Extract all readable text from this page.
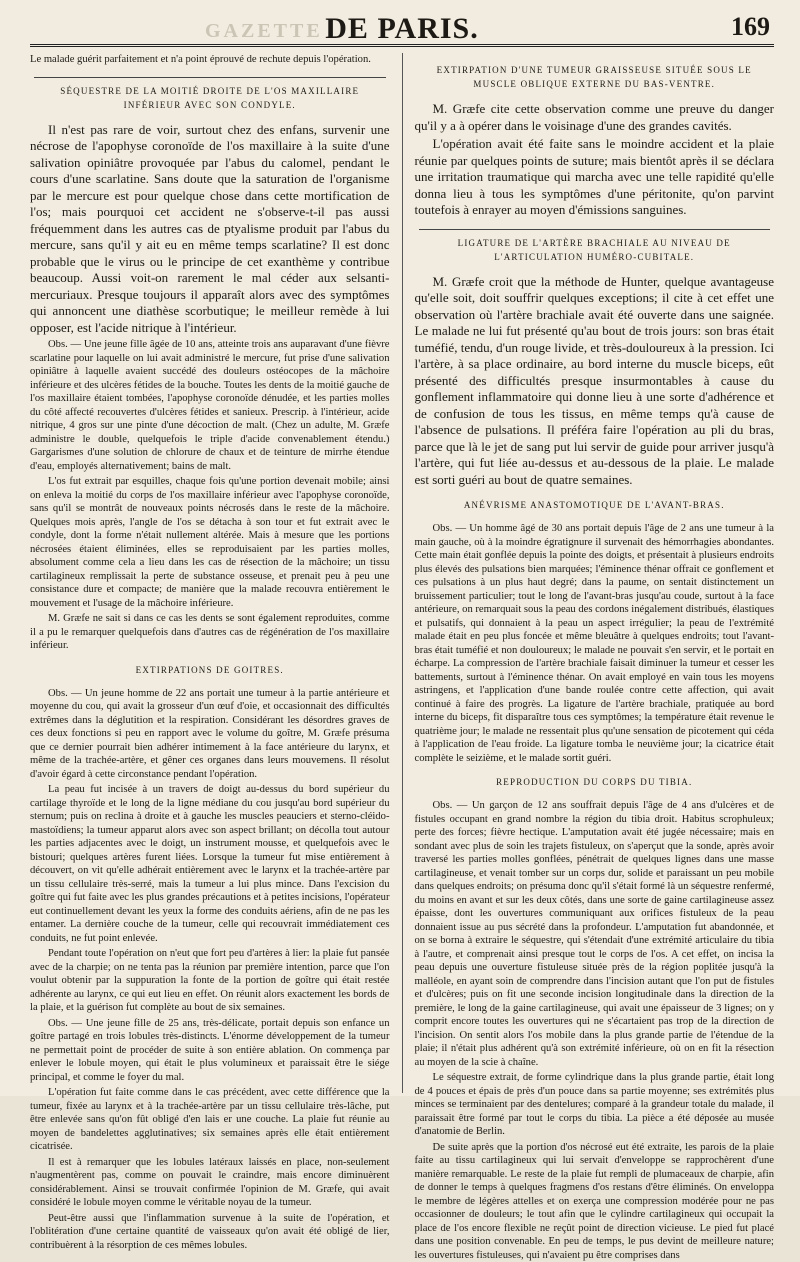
GAZETTE DE PARIS.	169

Le malade guérit parfaitement et n'a point éprouvé de rechute depuis l'opération.

SÉQUESTRE DE LA MOITIÉ DROITE DE L'OS MAXILLAIRE INFÉRIEUR AVEC SON CONDYLE.

Il n'est pas rare de voir, surtout chez des enfans, survenir une nécrose de l'apophyse coronoïde de l'os maxillaire à la suite d'une salivation opiniâtre provoquée par l'abus du calomel, pendant le cours d'une scarlatine. Sans doute que la saturation de l'organisme par le mercure est pour quelque chose dans cette mortification de l'os; mais pourquoi cet accident ne s'observe-t-il pas aussi fréquemment dans les autres cas de ptyalisme produit par l'abus du mercure, sans qu'il y ait eu en même temps scarlatine? Il est donc probable que le virus ou le principe de cet exanthème y contribue beaucoup. Aussi voit-on rarement le mal céder aux selsanti-mercuriaux. Presque toujours il apparaît alors avec des symptômes qui annoncent une diathèse scorbutique; le meilleur remède à lui opposer, est l'acide nitrique à l'intérieur.

Obs. — Une jeune fille âgée de 10 ans, atteinte trois ans auparavant d'une fièvre scarlatine pour laquelle on lui avait administré le mercure, fut prise d'une salivation opiniâtre à laquelle avaient succédé des douleurs ostéocopes de la mâchoire inférieure et des ulcères fétides de la bouche. Toutes les dents de la moitié gauche de l'os maxillaire étaient tombées, l'apophyse coronoïde dénudée, et les parties molles du côté affecté recouvertes d'ulcères fétides et sanieux. Prescrip. à l'intérieur, acide nitrique, 4 gros sur une pinte d'une décoction de malt. (Chez un adulte, M. Græfe administre le double, quelquefois le triple d'acide convenablement étendu.) Gargarismes d'une solution de chlorure de chaux et de teinture de mirrhe étendue d'eau, employés alternativement; bains de malt.

L'os fut extrait par esquilles, chaque fois qu'une portion devenait mobile; ainsi on enleva la moitié du corps de l'os maxillaire inférieur avec l'apophyse coronoïde, sans qu'il se montrât de nouveaux points nécrosés dans le reste de la mâchoire. Quelques mois après, l'angle de l'os se détacha à son tour et fut extrait avec le condyle, dont la forme n'était nullement altérée. Mais à mesure que les portions nécrosées étaient éliminées, elles se reproduisaient par les parties molles, absolument comme cela a lieu dans les cas de résection de la mâchoire; un tissu cartilagineux remplissait la perte de substance osseuse, et prenait peu à peu une consistance dure et compacte; de manière que la malade recouvra entièrement le mouvement et l'usage de la mâchoire inférieure.

M. Græfe ne sait si dans ce cas les dents se sont également reproduites, comme il a pu le remarquer quelquefois dans d'autres cas de régénération de l'os maxillaire inférieur.

EXTIRPATIONS DE GOITRES.

Obs. — Un jeune homme de 22 ans portait une tumeur à la partie antérieure et moyenne du cou, qui avait la grosseur d'un œuf d'oie, et occasionnait des difficultés extrêmes dans la déglutition et la respiration. Considérant les désordres graves de ces deux fonctions si peu en rapport avec le volume du goître, M. Græfe présuma que ce dernier pourrait bien adhérer intimement à la face antérieure du larynx, et même de la trachée-artère, et gêner ces organes dans leurs mouvemens. Il résolut d'avoir égard à cette circonstance pendant l'opération.

La peau fut incisée à un travers de doigt au-dessus du bord supérieur du cartilage thyroïde et le long de la ligne médiane du cou jusqu'au bord supérieur du sternum; puis on reclina à droite et à gauche les muscles peauciers et sterno-cléido-mastoïdiens; la tumeur apparut alors avec son aspect brillant; on décolla tout autour les parties adjacentes avec le doigt, un instrument mousse, et quelquefois avec le bistouri; quelques artères furent liées. Lorsque la tumeur fut mise entièrement à découvert, on vit qu'elle adhérait entièrement avec le larynx et la trachée-artère par un tissu cellulaire très-serré, mais la tumeur a lui plus mince. Dans l'excision du goître qui fut faite avec les plus grandes précautions et à petites incisions, l'opérateur eut continuellement devant les yeux la forme des conduits aériens, afin de ne pas les entamer. La dernière couche de la tumeur, celle qui recouvrait immédiatement ces conduits, ne fut point enlevée.

Pendant toute l'opération on n'eut que fort peu d'artères à lier: la plaie fut pansée avec de la charpie; on ne tenta pas la réunion par première intention, parce que l'on voulut obtenir par la suppuration la fonte de la portion de goître qui était restée adhérente au larynx, ce qui eut lieu en effet. On réunit alors exactement les bords de la plaie, et la guérison fut complète au bout de six semaines.

Obs. — Une jeune fille de 25 ans, très-délicate, portait depuis son enfance un goître partagé en trois lobules très-distincts. L'énorme développement de la tumeur ne permettait point de procéder de suite à son entière ablation. On commença par enlever le lobule moyen, qui était le plus volumineux et paraissait être le siége principal, et comme le foyer du mal.

L'opération fut faite comme dans le cas précédent, avec cette différence que la tumeur, fixée au larynx et à la trachée-artère par un tissu cellulaire très-lâche, put être enlevée sans qu'on fût obligé d'en lais er une couche. La plaie fut réunie au moyen de bandelettes agglutinatives; six semaines après elle était entièrement cicatrisée.

Il est à remarquer que les lobules latéraux laissés en place, non-seulement n'augmentèrent pas, comme on pouvait le craindre, mais encore diminuèrent considérablement. Ainsi se trouvait confirmée l'opinion de M. Græfe, qui avait considéré le lobule moyen comme le véritable noyau de la tumeur.

Peut-être aussi que l'inflammation survenue à la suite de l'opération, et l'oblitération d'une certaine quantité de vaisseaux qu'on avait été obligé de lier, contribuèrent à la résorption de ces mêmes lobules.

EXTIRPATION D'UNE TUMEUR GRAISSEUSE SITUÉE SOUS LE MUSCLE OBLIQUE EXTERNE DU BAS-VENTRE.

M. Græfe cite cette observation comme une preuve du danger qu'il y a à opérer dans le voisinage d'une des grandes cavités.

L'opération avait été faite sans le moindre accident et la plaie réunie par quelques points de suture; mais bientôt après il se déclara une irritation traumatique qui marcha avec une telle rapidité qu'elle donna lieu à tous les symptômes d'une péritonite, qu'on parvint toutefois à enrayer au moyen d'émissions sanguines.

LIGATURE DE L'ARTÈRE BRACHIALE AU NIVEAU DE L'ARTICULATION HUMÉRO-CUBITALE.

M. Græfe croit que la méthode de Hunter, quelque avantageuse qu'elle soit, doit souffrir quelques exceptions; il cite à cet effet une observation où l'artère brachiale avait été ouverte dans une saignée. Le malade ne lui fut présenté qu'au bout de trois jours: son bras était tuméfié, tendu, d'un rouge livide, et très-douloureux à la pression. Ici l'artère, à sa place ordinaire, au bord interne du muscle biceps, eût présenté des difficultés presque insurmontables à cause du gonflement inflammatoire qui donne lieu à une sorte d'adhérence et de confusion de tous les tissus, en même temps qu'à cause de l'absence de pulsations. Il préféra faire l'opération au pli du bras, parce que là le jet de sang put lui servir de guide pour arriver jusqu'à l'artère, qui fut liée au-dessus et au-dessous de la plaie. Le malade est sorti guéri au bout de quatre semaines.

ANÉVRISME ANASTOMOTIQUE DE L'AVANT-BRAS.

Obs. — Un homme âgé de 30 ans portait depuis l'âge de 2 ans une tumeur à la main gauche, où à la moindre égratignure il survenait des hémorrhagies abondantes. Cette main était gonflée depuis la pointe des doigts, et présentait à plusieurs endroits plus élevés des pulsations bien marquées; l'éminence thénar offrait ce gonflement et ces pulsations à un plus haut degré; dans la paume, on sentait distinctement un bruissement particulier; tout le long de l'avant-bras jusqu'au coude, surtout à la face antérieure, on remarquait sous la peau des cordons inégalement distribués, élastiques et pulsatifs, qui donnaient à la peau un aspect irrégulier; la peau de l'extrémité malade était en peu plus foncée et même bleuâtre à quelques endroits; tout l'avant-bras était tuméfié et non douloureux; le malade ne pouvait s'en servir, et le portait en écharpe. La compression de l'artère brachiale faisait diminuer la tumeur et cesser les battements, surtout à l'éminence thénar. On avait employé en vain tous les moyens astringens, et l'application d'une bande roulée contre cette affection, qui avait continué à faire des progrès. La ligature de l'artère brachiale, pratiquée au bord interne du biceps, fit disparaître tous ces symptômes; la température était revenue le quatrième jour; le malade ne ressentait plus qu'une sensation de picotement qui céda à l'application de l'eau froide. La ligature tomba le neuvième jour; la cicatrice était complète le seizième, et le malade sortit guéri.

REPRODUCTION DU CORPS DU TIBIA.

Obs. — Un garçon de 12 ans souffrait depuis l'âge de 4 ans d'ulcères et de fistules occupant en grand nombre la région du tibia droit. Habitus scrophuleux; perte des forces; fièvre hectique. L'amputation avait été jugée nécessaire; mais en sondant avec plus de soin les trajets fistuleux, on s'aperçut que la sonde, après avoir traversé les parties molles gonflées, pénétrait de quelques lignes dans une masse cartilagineuse, et venait tomber sur un corps dur, solide et paraissant un peu mobile dans quelques endroits; on présuma donc qu'il s'était formé là un séquestre renfermé, du moins en avant et sur les deux côtés, dans une sorte de gaine cartilagineuse assez épaisse, dont les ouvertures communiquant aux orifices fistuleux de la peau donnaient issue au pus sécrété dans la profondeur. L'amputation fut abandonnée, et on se borna à extraire le séquestre, qui s'étendait d'une extrémité articulaire du tibia à l'autre, et comprenait ainsi presque tout le corps de l'os. A cet effet, on incisa la peau depuis une ouverture fistuleuse située près de la région poplitée jusqu'à la malléole, en ayant soin de comprendre dans l'incision autant que l'on put de fistules et d'ulcères; puis on fit une seconde incision longitudinale dans la direction de la première, le long de la gaine cartilagineuse, qui avait une épaisseur de 3 lignes; on y comprit encore toutes les ouvertures qui ne s'écartaient pas trop de la direction de l'incision. On sentit alors l'os mobile dans la plus grande partie de l'étendue de la plaie; il n'était plus adhérent qu'à son extrémité inférieure, où on en fit la résection au moyen de la scie à chaîne.

Le séquestre extrait, de forme cylindrique dans la plus grande partie, était long de 4 pouces et épais de près d'un pouce dans sa partie moyenne; ses extrémités plus minces se terminaient par des dentelures; comparé à la grandeur totale du malade, il paraissait être formé par tout le corps du tibia. La pièce a été déposée au musée d'anatomie de Berlin.

De suite après que la portion d'os nécrosé eut été extraite, les parois de la plaie faite au tissu cartilagineux qui lui servait d'enveloppe se rapprochèrent d'une manière remarquable. Le reste de la plaie fut rempli de plumaceaux de charpie, afin de donner le temps à quelques fragmens d'os restans d'être éliminés. On enveloppa le membre de légères attelles et on exerça une compression modérée pour ne pas occasionner de douleurs; le tout afin que le cylindre cartilagineux qui occupait la place de l'os encore flexible ne reçût point de direction vicieuse. Le pied fut placé dans une position convenable. En peu de temps, le pus devint de meilleure nature; les ouvertures fistuleuses, qui n'avaient pu être comprises dans
